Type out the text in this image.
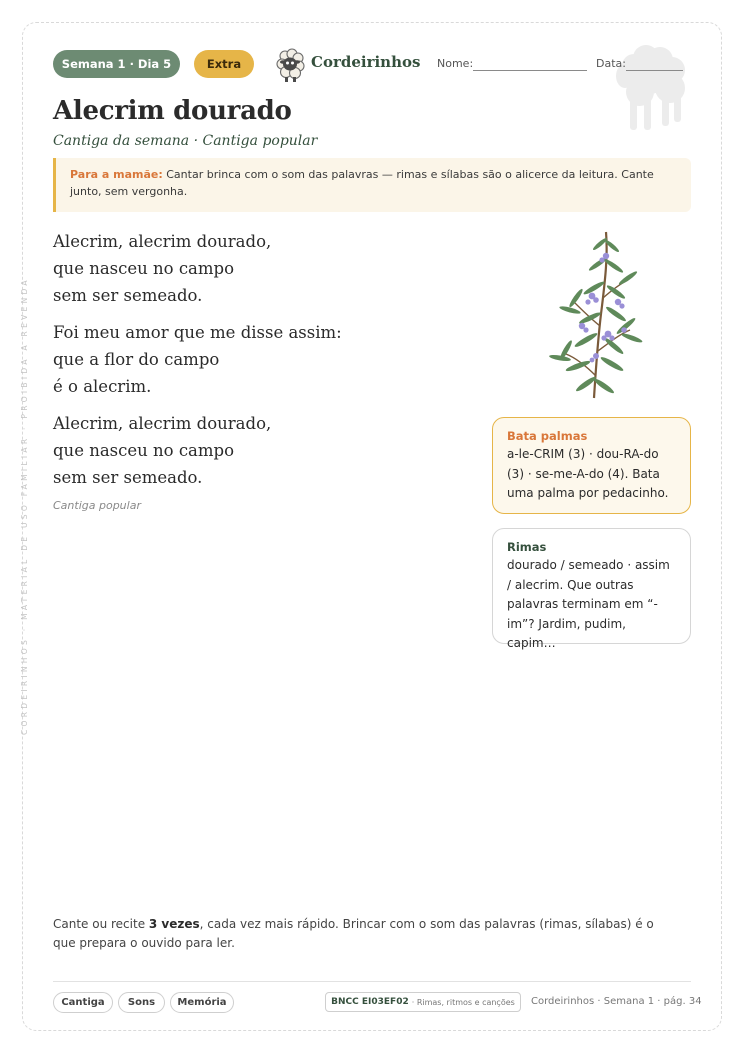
CORDEIRINHOS · MATERIAL DE USO FAMILIAR · PROIBIDA A REVENDA
Semana 1 · Dia 5	Extra	Cordeirinhos Nome:	Data:
Alecrim dourado
Cantiga da semana · Cantiga popular
Para a mamãe: Cantar brinca com o som das palavras — rimas e sílabas são o alicerce da leitura. Cante junto, sem vergonha.
Alecrim, alecrim dourado,
que nasceu no campo
sem ser semeado.
Foi meu amor que me disse assim:
que a flor do campo
é o alecrim.
Alecrim, alecrim dourado,
que nasceu no campo
sem ser semeado.
Cantiga popular
Bata palmas
a-le-CRIM (3) · dou-RA-do (3) · se-me-A-do (4). Bata uma palma por pedacinho.
Rimas
dourado / semeado · assim / alecrim. Que outras palavras terminam em “-im”? Jardim, pudim, capim…
Cante ou recite 3 vezes, cada vez mais rápido. Brincar com o som das palavras (rimas, sílabas) é o que prepara o ouvido para ler.
Cantiga	Sons	Memória	BNCC EI03EF02 · Rimas, ritmos e canções Cordeirinhos · Semana 1 · pág. 34
